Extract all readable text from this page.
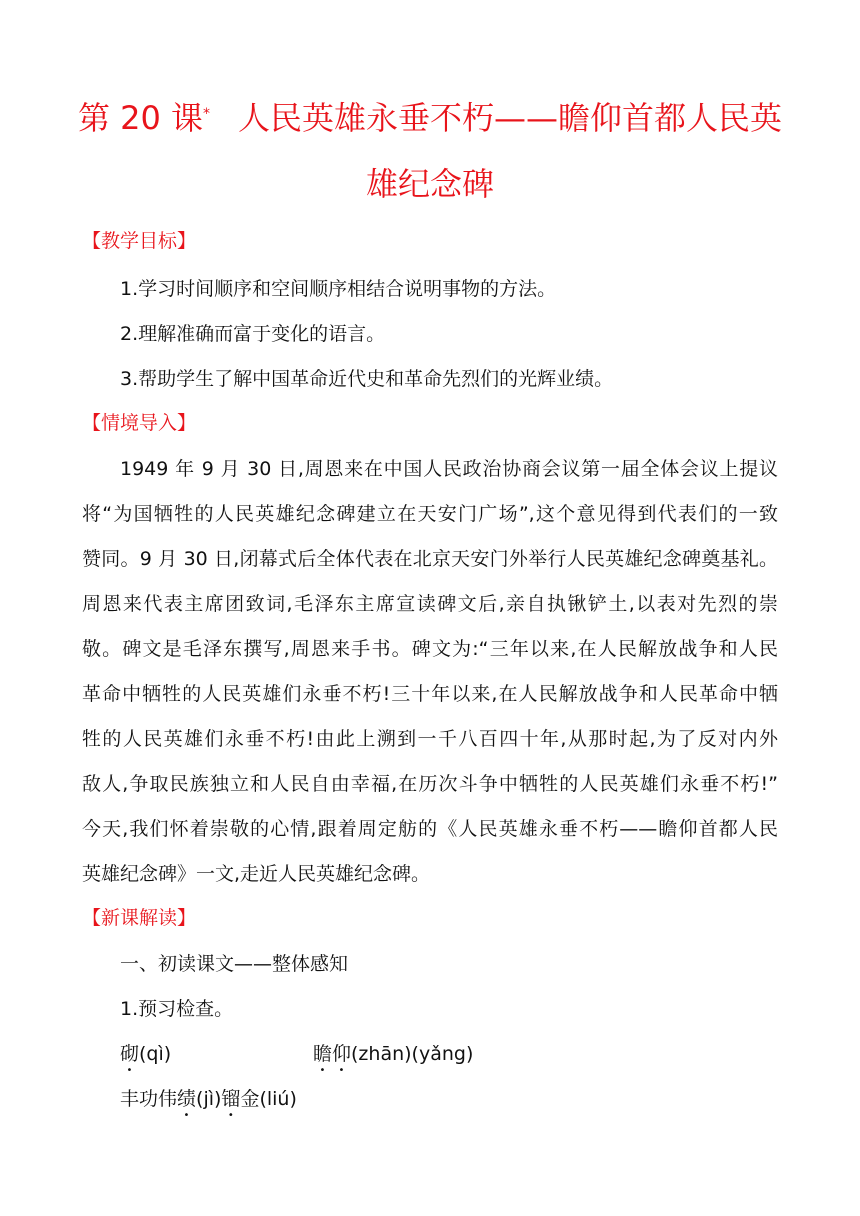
第 20 课* 人民英雄永垂不朽——瞻仰首都人民英
雄纪念碑
【教学目标】
1.学习时间顺序和空间顺序相结合说明事物的方法。
2.理解准确而富于变化的语言。
3.帮助学生了解中国革命近代史和革命先烈们的光辉业绩。
【情境导入】
1949 年 9 月 30 日,周恩来在中国人民政治协商会议第一届全体会议上提议
将“为国牺牲的人民英雄纪念碑建立在天安门广场”,这个意见得到代表们的一致
赞同。9 月 30 日,闭幕式后全体代表在北京天安门外举行人民英雄纪念碑奠基礼。
周恩来代表主席团致词,毛泽东主席宣读碑文后,亲自执锹铲土,以表对先烈的崇
敬。碑文是毛泽东撰写,周恩来手书。碑文为:“三年以来,在人民解放战争和人民
革命中牺牲的人民英雄们永垂不朽!三十年以来,在人民解放战争和人民革命中牺
牲的人民英雄们永垂不朽!由此上溯到一千八百四十年,从那时起,为了反对内外
敌人,争取民族独立和人民自由幸福,在历次斗争中牺牲的人民英雄们永垂不朽!”
今天,我们怀着崇敬的心情,跟着周定舫的《人民英雄永垂不朽——瞻仰首都人民
英雄纪念碑》一文,走近人民英雄纪念碑。
【新课解读】
一、初读课文——整体感知
1.预习检查。
砌(qì)	瞻仰(zhān)(yǎng)
丰功伟绩(jì)镏金(liú)
